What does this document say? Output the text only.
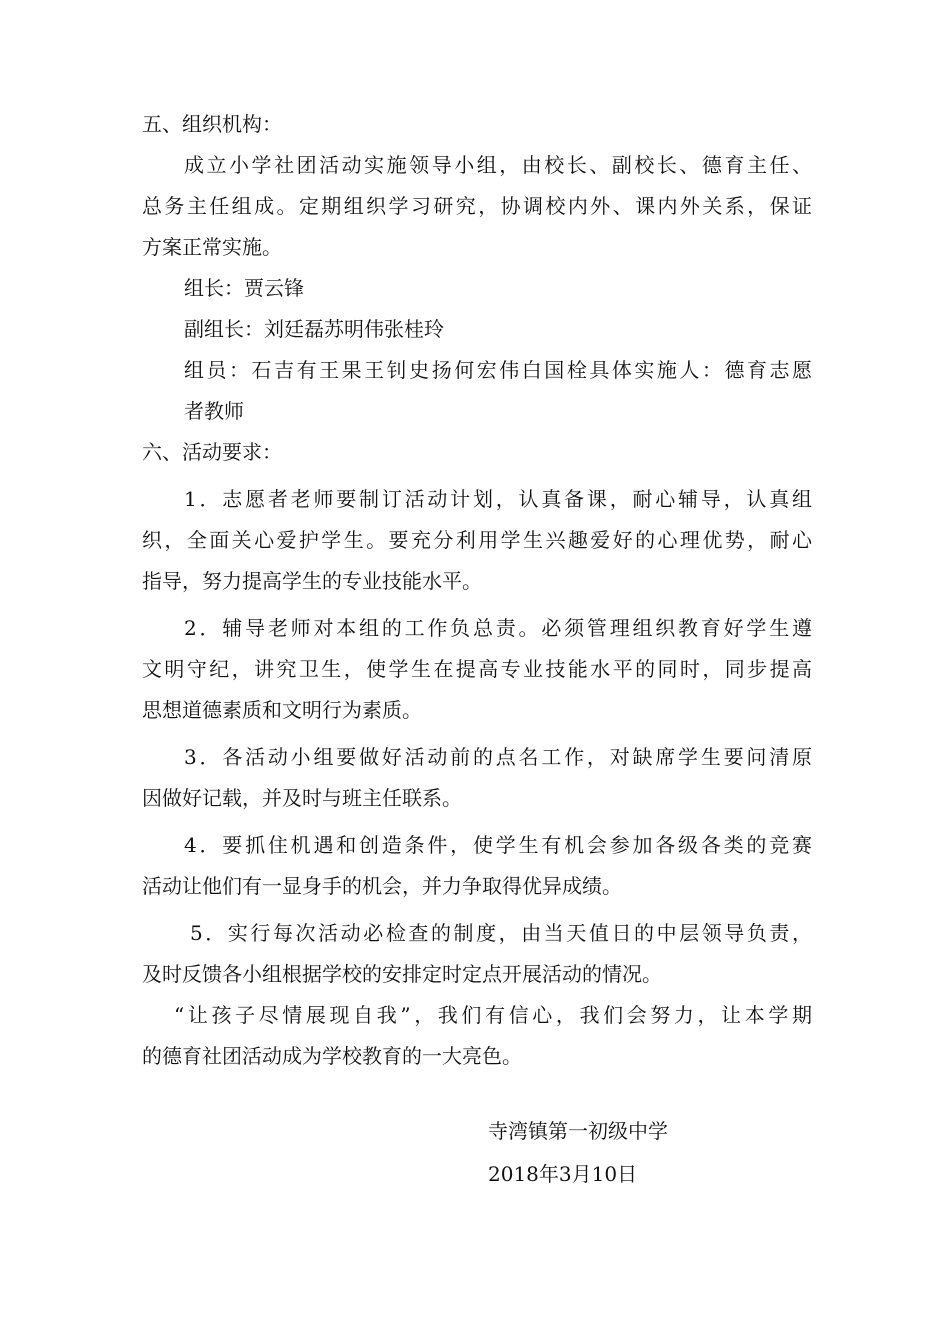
五、组织机构：
成立小学社团活动实施领导小组，由校长、副校长、德育主任、
总务主任组成。定期组织学习研究，协调校内外、课内外关系，保证
方案正常实施。
组长：贾云锋
副组长：刘廷磊苏明伟张桂玲
组员：石吉有王果王钊史扬何宏伟白国栓具体实施人：德育志愿
者教师
六、活动要求：
1．志愿者老师要制订活动计划，认真备课，耐心辅导，认真组
织，全面关心爱护学生。要充分利用学生兴趣爱好的心理优势，耐心
指导，努力提高学生的专业技能水平。
2．辅导老师对本组的工作负总责。必须管理组织教育好学生遵
文明守纪，讲究卫生，使学生在提高专业技能水平的同时，同步提高
思想道德素质和文明行为素质。
3．各活动小组要做好活动前的点名工作，对缺席学生要问清原
因做好记载，并及时与班主任联系。
4．要抓住机遇和创造条件，使学生有机会参加各级各类的竞赛
活动让他们有一显身手的机会，并力争取得优异成绩。
5．实行每次活动必检查的制度，由当天值日的中层领导负责，
及时反馈各小组根据学校的安排定时定点开展活动的情况。
“让孩子尽情展现自我”，我们有信心，我们会努力，让本学期
的德育社团活动成为学校教育的一大亮色。
寺湾镇第一初级中学
2018年3月10日
